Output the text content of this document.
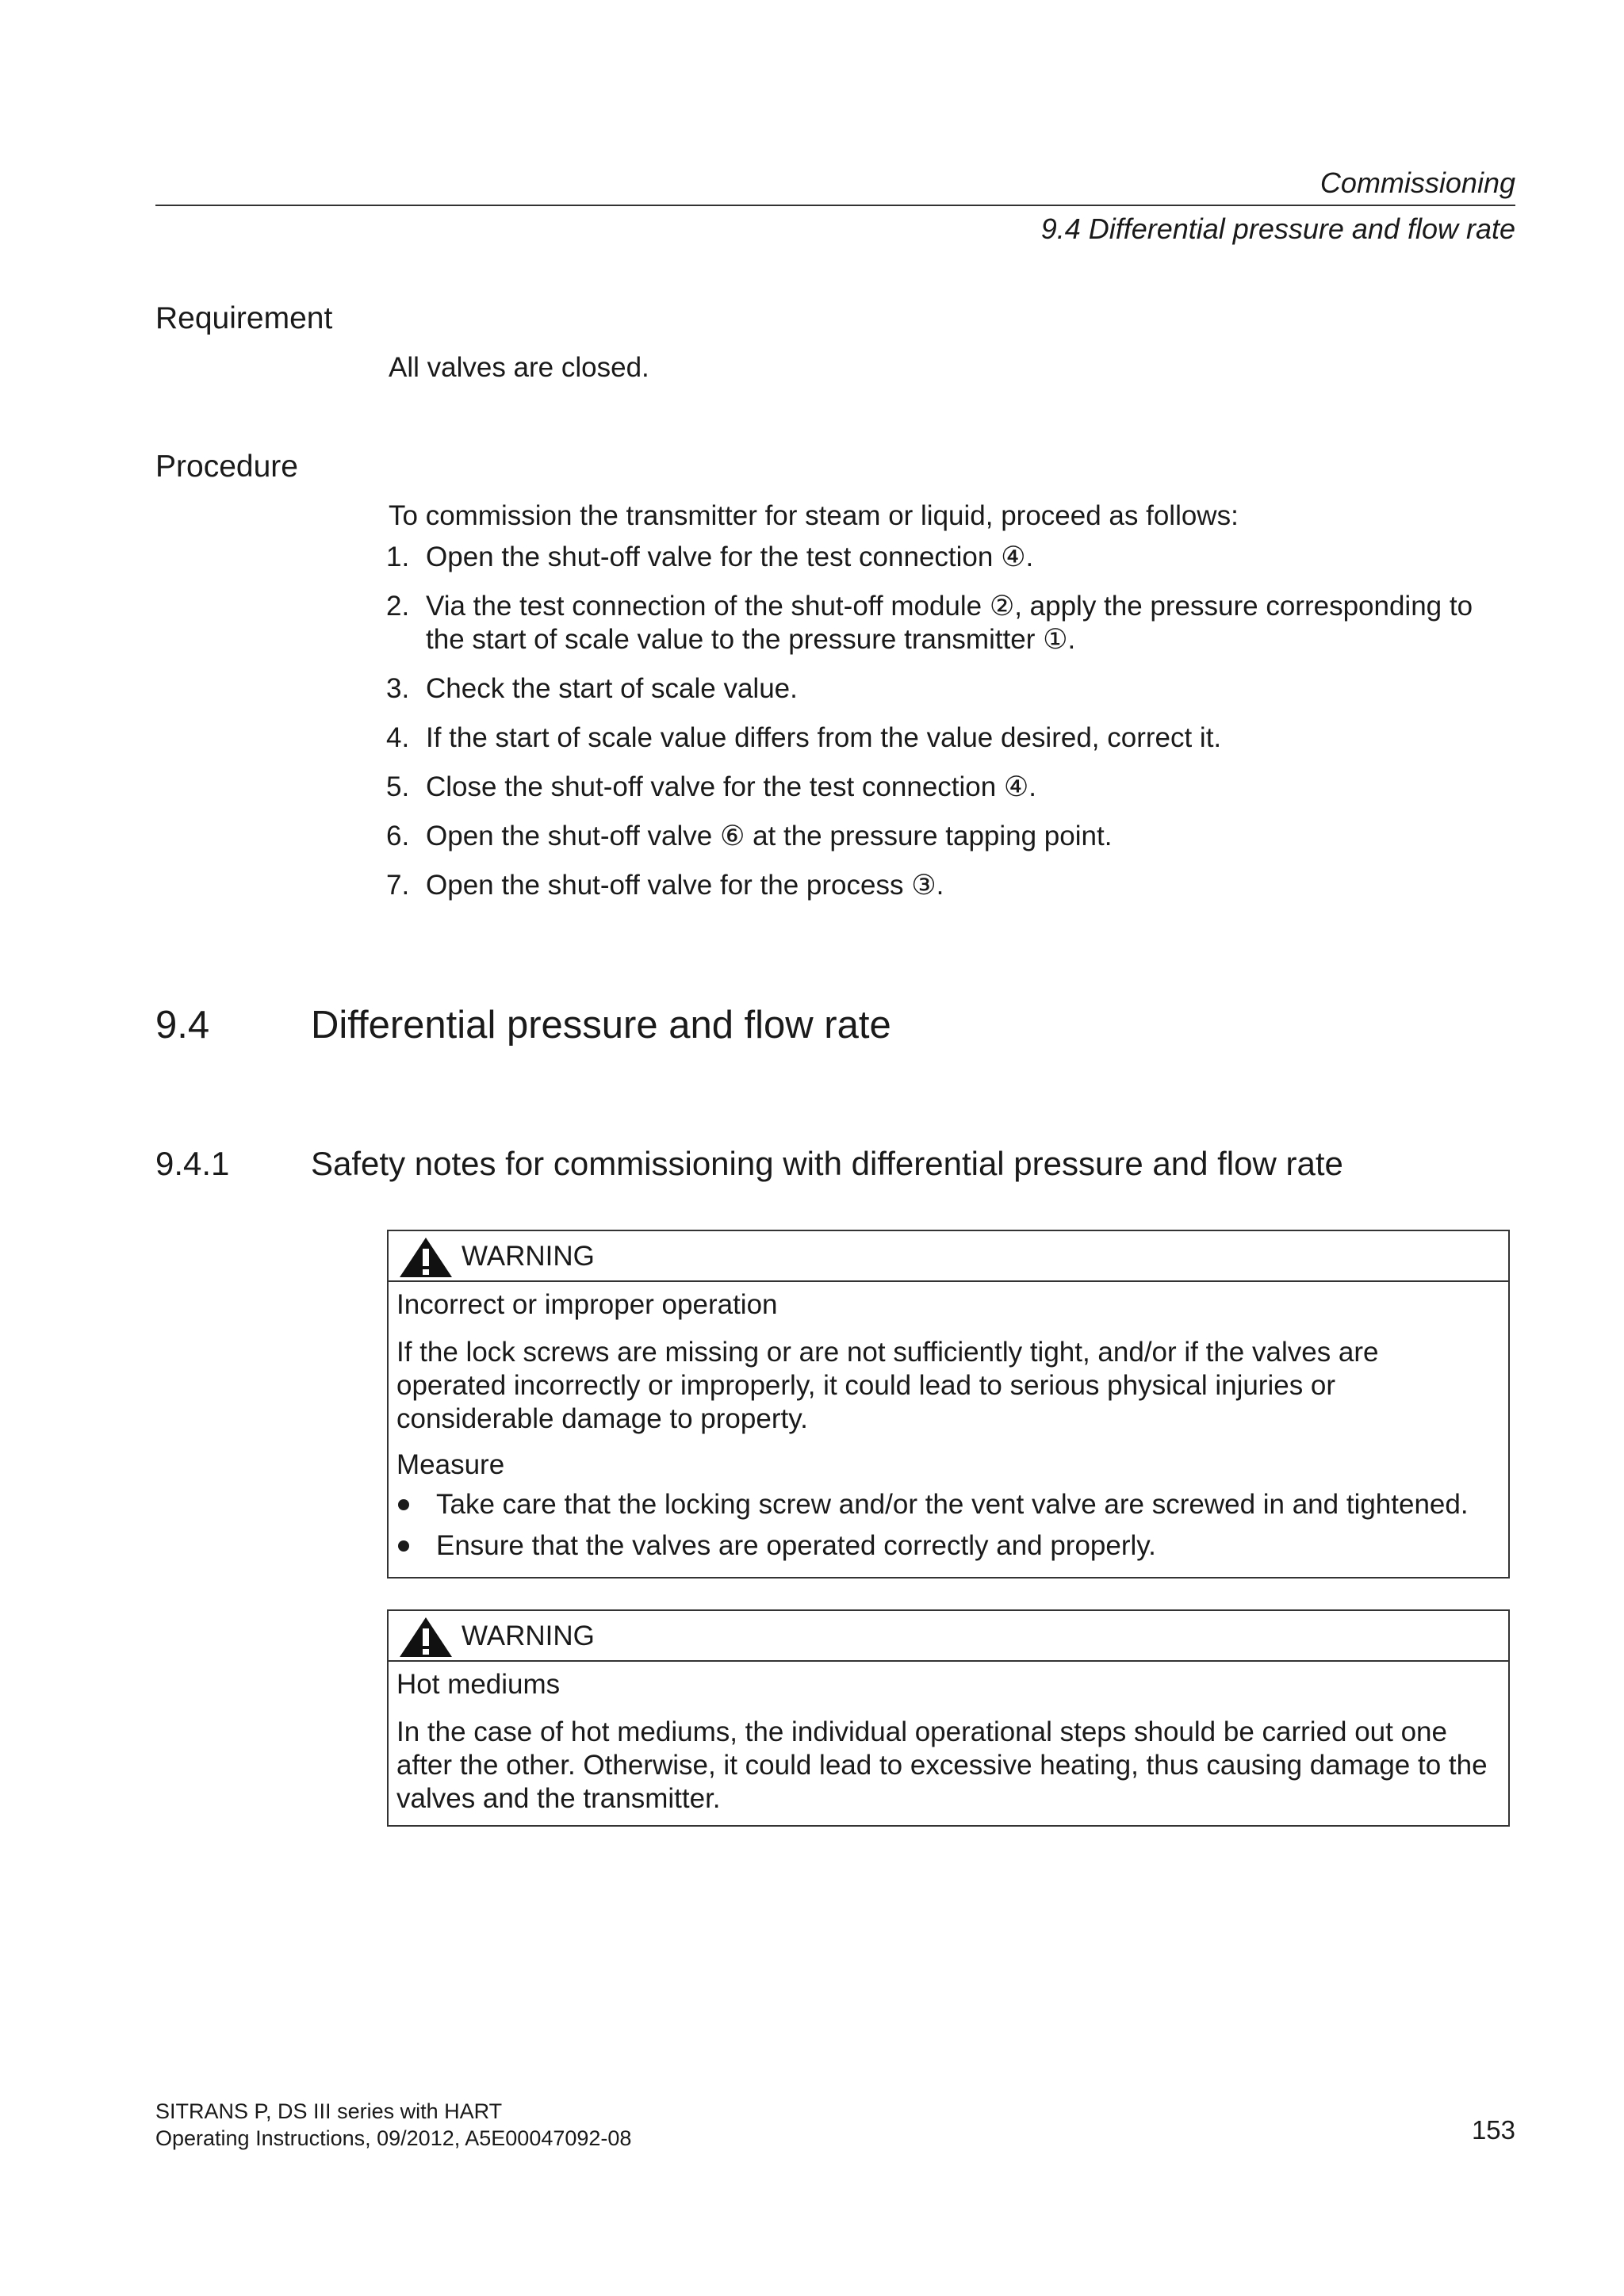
Commissioning
9.4 Differential pressure and flow rate
Requirement
All valves are closed.
Procedure
To commission the transmitter for steam or liquid, proceed as follows:
1. Open the shut-off valve for the test connection ④.
2. Via the test connection of the shut-off module ②, apply the pressure corresponding to the start of scale value to the pressure transmitter ①.
3. Check the start of scale value.
4. If the start of scale value differs from the value desired, correct it.
5. Close the shut-off valve for the test connection ④.
6. Open the shut-off valve ⑥ at the pressure tapping point.
7. Open the shut-off valve for the process ③.
9.4	Differential pressure and flow rate
9.4.1 Safety notes for commissioning with differential pressure and flow rate
WARNING
Incorrect or improper operation
If the lock screws are missing or are not sufficiently tight, and/or if the valves are operated incorrectly or improperly, it could lead to serious physical injuries or considerable damage to property.
Measure
Take care that the locking screw and/or the vent valve are screwed in and tightened.
Ensure that the valves are operated correctly and properly.
WARNING
Hot mediums
In the case of hot mediums, the individual operational steps should be carried out one after the other. Otherwise, it could lead to excessive heating, thus causing damage to the valves and the transmitter.
SITRANS P, DS III series with HART
Operating Instructions, 09/2012, A5E00047092-08	153
